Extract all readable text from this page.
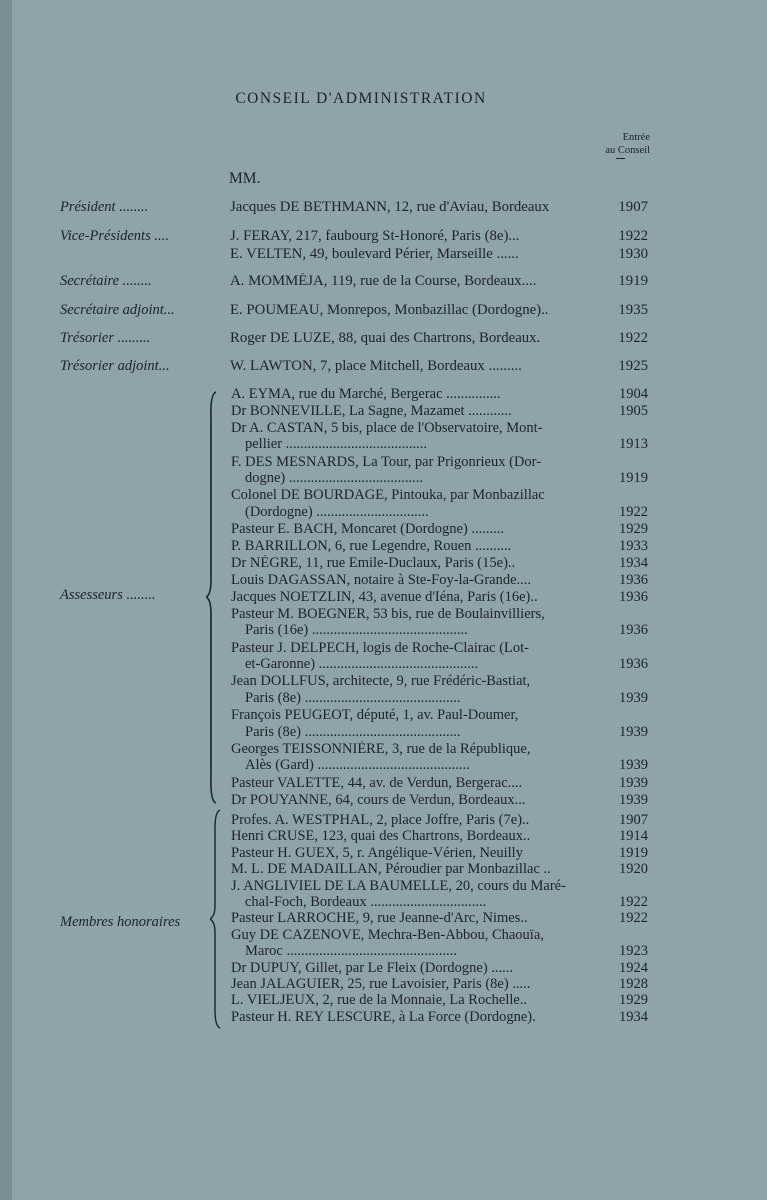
CONSEIL D'ADMINISTRATION
Entrée
au Conseil
MM.
Président ........	Jacques DE BETHMANN, 12, rue d'Aviau, Bordeaux	1907
Vice-Présidents ....	J. FERAY, 217, faubourg St-Honoré, Paris (8e)...	1922
E. VELTEN, 49, boulevard Périer, Marseille ......	1930
Secrétaire ........	A. MOMMÉJA, 119, rue de la Course, Bordeaux....	1919
Secrétaire adjoint...	E. POUMEAU, Monrepos, Monbazillac (Dordogne)..	1935
Trésorier .........	Roger DE LUZE, 88, quai des Chartrons, Bordeaux.	1922
Trésorier adjoint...	W. LAWTON, 7, place Mitchell, Bordeaux .........	1925
Assesseurs ........
A. EYMA, rue du Marché, Bergerac ...............	1904
Dr BONNEVILLE, La Sagne, Mazamet ............	1905
Dr A. CASTAN, 5 bis, place de l'Observatoire, Mont-
pellier .......................................	1913
F. DES MESNARDS, La Tour, par Prigonrieux (Dor-
dogne) .....................................	1919
Colonel DE BOURDAGE, Pintouka, par Monbazillac
(Dordogne) ...............................	1922
Pasteur E. BACH, Moncaret (Dordogne) .........	1929
P. BARRILLON, 6, rue Legendre, Rouen ..........	1933
Dr NÈGRE, 11, rue Emile-Duclaux, Paris (15e)..	1934
Louis DAGASSAN, notaire à Ste-Foy-la-Grande....	1936
Jacques NOETZLIN, 43, avenue d'Iéna, Paris (16e)..	1936
Pasteur M. BOEGNER, 53 bis, rue de Boulainvilliers,
Paris (16e) ...........................................	1936
Pasteur J. DELPECH, logis de Roche-Clairac (Lot-
et-Garonne) ............................................	1936
Jean DOLLFUS, architecte, 9, rue Frédéric-Bastiat,
Paris (8e) ...........................................	1939
François PEUGEOT, député, 1, av. Paul-Doumer,
Paris (8e) ...........................................	1939
Georges TEISSONNIÈRE, 3, rue de la République,
Alès (Gard) ..........................................	1939
Pasteur VALETTE, 44, av. de Verdun, Bergerac....	1939
Dr POUYANNE, 64, cours de Verdun, Bordeaux...	1939
Membres honoraires
Profes. A. WESTPHAL, 2, place Joffre, Paris (7e)..	1907
Henri CRUSE, 123, quai des Chartrons, Bordeaux..	1914
Pasteur H. GUEX, 5, r. Angélique-Vérien, Neuilly	1919
M. L. DE MADAILLAN, Péroudier par Monbazillac ..	1920
J. ANGLIVIEL DE LA BAUMELLE, 20, cours du Maré-
chal-Foch, Bordeaux ................................	1922
Pasteur LARROCHE, 9, rue Jeanne-d'Arc, Nimes..	1922
Guy DE CAZENOVE, Mechra-Ben-Abbou, Chaouïa,
Maroc ...............................................	1923
Dr DUPUY, Gillet, par Le Fleix (Dordogne) ......	1924
Jean JALAGUIER, 25, rue Lavoisier, Paris (8e) .....	1928
L. VIELJEUX, 2, rue de la Monnaie, La Rochelle..	1929
Pasteur H. REY LESCURE, à La Force (Dordogne).	1934
